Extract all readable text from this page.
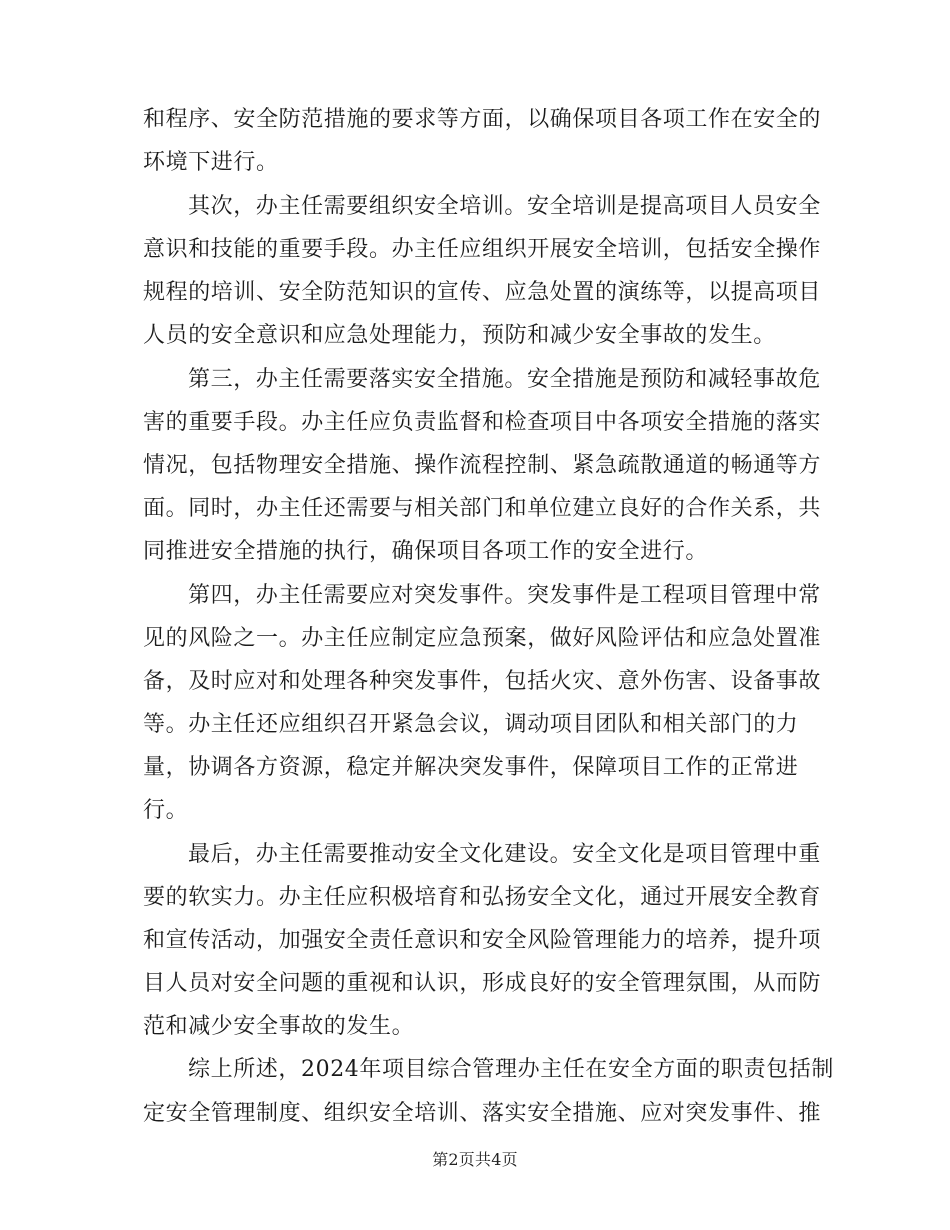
和程序、安全防范措施的要求等方面，以确保项目各项工作在安全的
环境下进行。
其次，办主任需要组织安全培训。安全培训是提高项目人员安全
意识和技能的重要手段。办主任应组织开展安全培训，包括安全操作
规程的培训、安全防范知识的宣传、应急处置的演练等，以提高项目
人员的安全意识和应急处理能力，预防和减少安全事故的发生。
第三，办主任需要落实安全措施。安全措施是预防和减轻事故危
害的重要手段。办主任应负责监督和检查项目中各项安全措施的落实
情况，包括物理安全措施、操作流程控制、紧急疏散通道的畅通等方
面。同时，办主任还需要与相关部门和单位建立良好的合作关系，共
同推进安全措施的执行，确保项目各项工作的安全进行。
第四，办主任需要应对突发事件。突发事件是工程项目管理中常
见的风险之一。办主任应制定应急预案，做好风险评估和应急处置准
备，及时应对和处理各种突发事件，包括火灾、意外伤害、设备事故
等。办主任还应组织召开紧急会议，调动项目团队和相关部门的力
量，协调各方资源，稳定并解决突发事件，保障项目工作的正常进
行。
最后，办主任需要推动安全文化建设。安全文化是项目管理中重
要的软实力。办主任应积极培育和弘扬安全文化，通过开展安全教育
和宣传活动，加强安全责任意识和安全风险管理能力的培养，提升项
目人员对安全问题的重视和认识，形成良好的安全管理氛围，从而防
范和减少安全事故的发生。
综上所述，2024年项目综合管理办主任在安全方面的职责包括制
定安全管理制度、组织安全培训、落实安全措施、应对突发事件、推
第2页共4页
